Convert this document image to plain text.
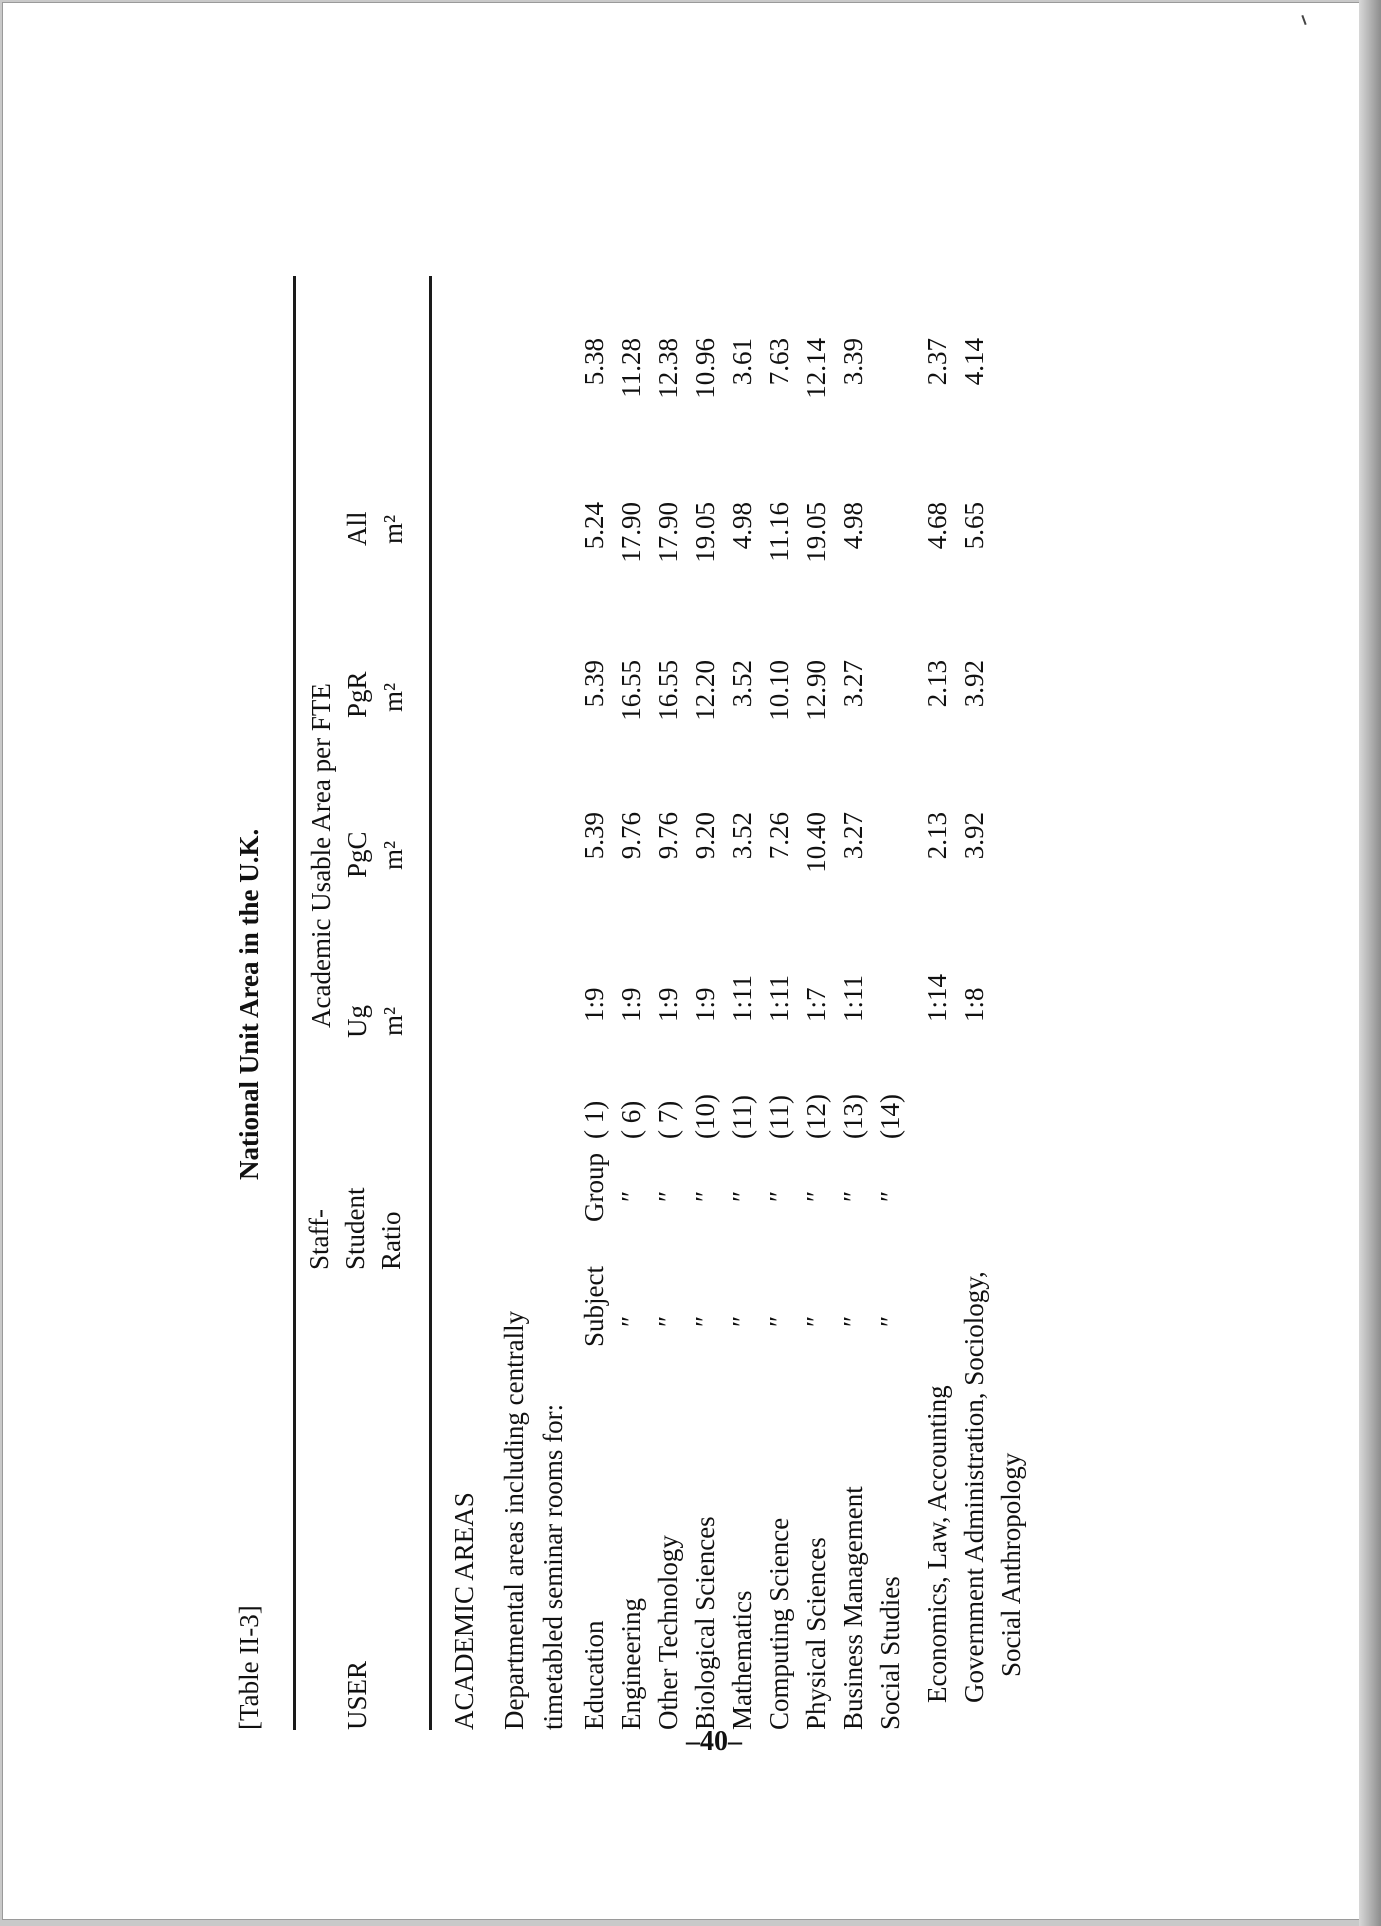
[Table II-3]
National Unit Area in the U.K.
Staff- Student Ratio
Academic Usable Area per FTE Ug m²
PgC m²
PgR m²
All m²
USER	ACADEMIC AREAS Departmental areas including centrally timetabled seminar rooms for: Education
Subject
Group
( 1)
1:9
5.39
5.39
5.24
5.38
Engineering
″
″
( 6)
1:9
9.76
16.55
17.90
11.28
Other Technology
″
″
( 7)
1:9
9.76
16.55
17.90
12.38
Biological Sciences
″
″
(10)
1:9
9.20
12.20
19.05
10.96
Mathematics
″
″
(11)
1:11
3.52
3.52
4.98
3.61
Computing Science
″
″
(11)
1:11
7.26
10.10
11.16
7.63
Physical Sciences
″
″
(12)
1:7
10.40
12.90
19.05
12.14
Business Management
″
″
(13)
1:11
3.27
3.27
4.98
3.39
Social Studies
″
″
(14)
Economics, Law, Accounting
1:14
2.13
2.13
4.68
2.37
Government Administration, Sociology,
1:8
3.92
3.92
5.65
4.14
Social Anthropology
–40–
